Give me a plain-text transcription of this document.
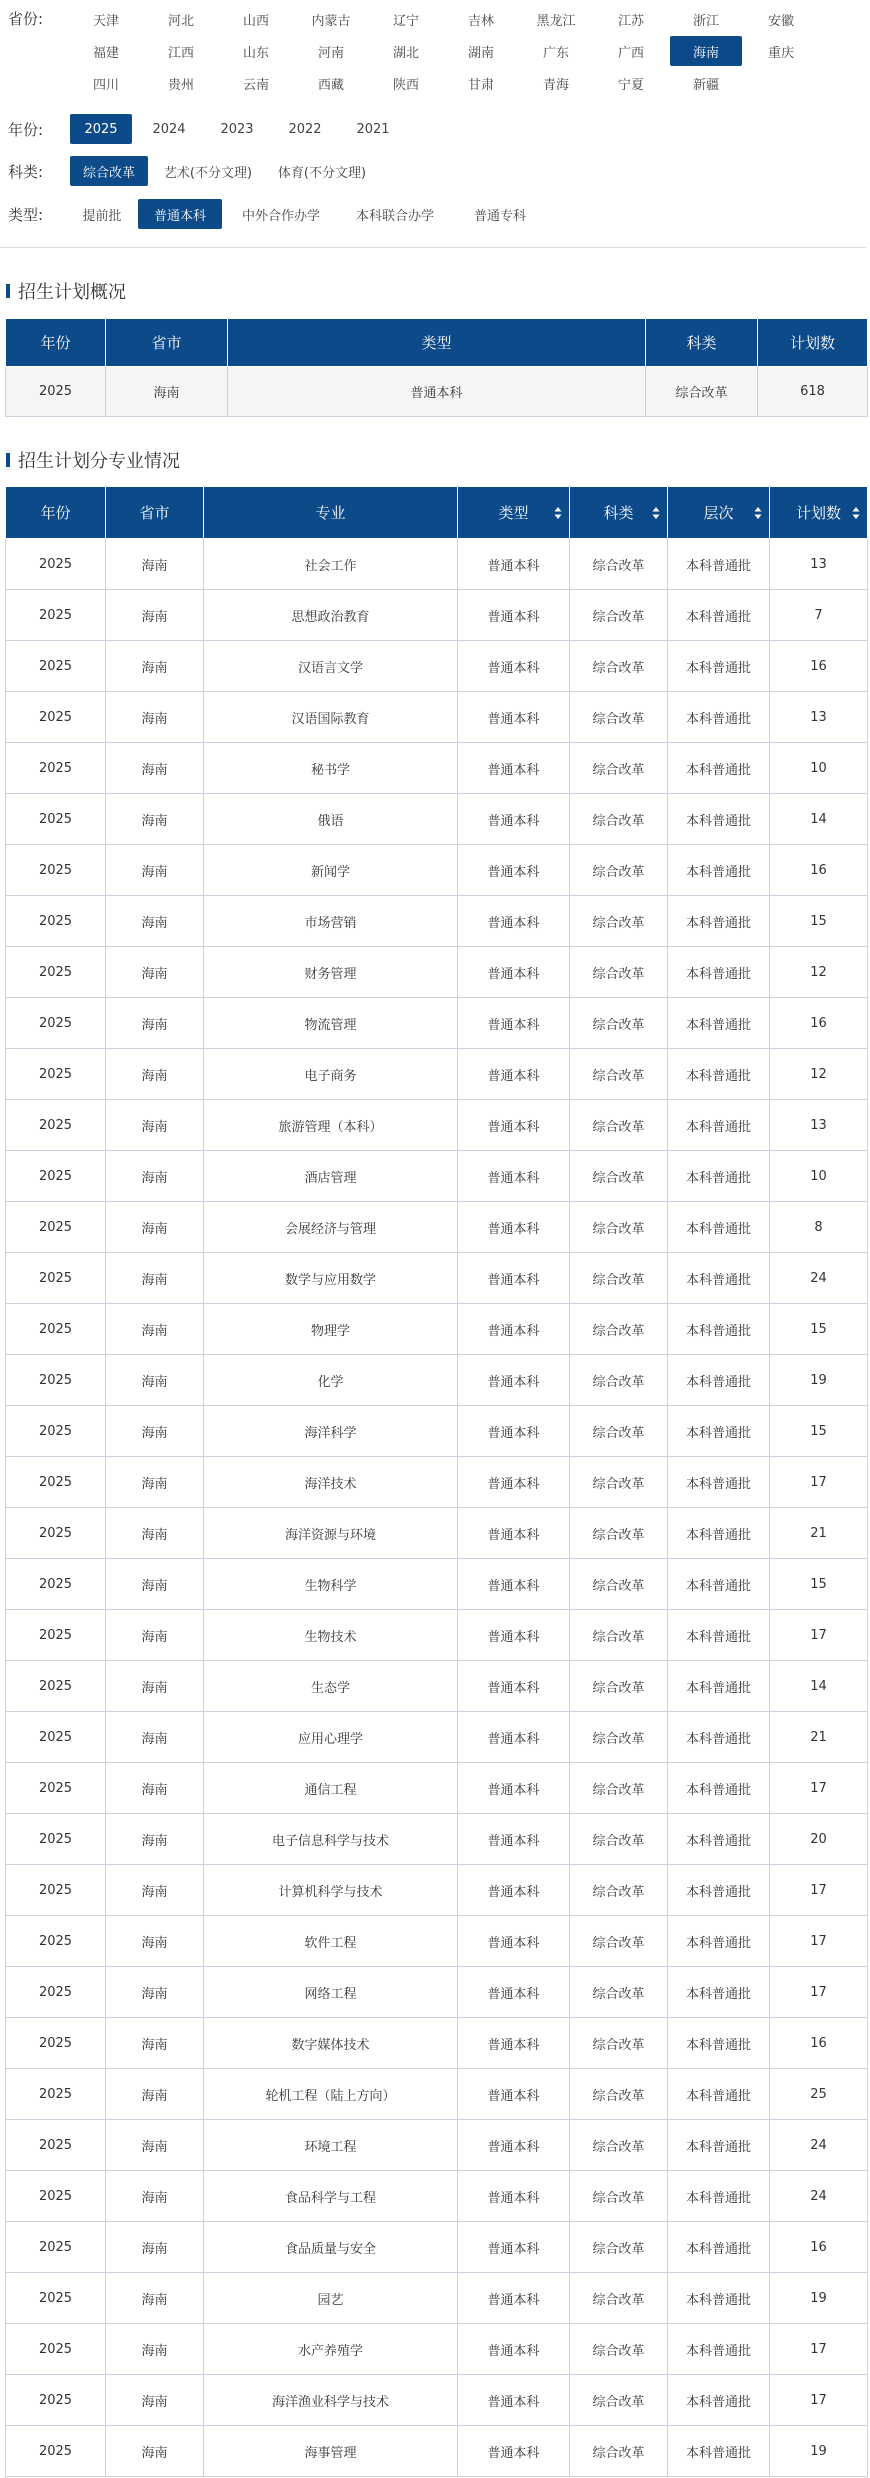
省份:	天津	河北	山西	内蒙古	辽宁	吉林	黑龙江	江苏	浙江	安徽
福建	江西	山东	河南	湖北	湖南	广东	广西	海南	重庆
四川	贵州	云南	西藏	陕西	甘肃	青海	宁夏	新疆
年份:	2025	2024	2023	2022	2021
科类:	综合改革	艺术(不分文理)	体育(不分文理)
类型:	提前批	普通本科	中外合作办学	本科联合办学	普通专科
招生计划概况
年份	省市	类型	科类	计划数
2025	海南	普通本科	综合改革	618
招生计划分专业情况
年份	省市	专业	类型	科类	层次	计划数

2025	海南	社会工作	普通本科	综合改革	本科普通批	13
2025	海南	思想政治教育	普通本科	综合改革	本科普通批	7
2025	海南	汉语言文学	普通本科	综合改革	本科普通批	16
2025	海南	汉语国际教育	普通本科	综合改革	本科普通批	13
2025	海南	秘书学	普通本科	综合改革	本科普通批	10
2025	海南	俄语	普通本科	综合改革	本科普通批	14
2025	海南	新闻学	普通本科	综合改革	本科普通批	16
2025	海南	市场营销	普通本科	综合改革	本科普通批	15
2025	海南	财务管理	普通本科	综合改革	本科普通批	12
2025	海南	物流管理	普通本科	综合改革	本科普通批	16
2025	海南	电子商务	普通本科	综合改革	本科普通批	12
2025	海南	旅游管理（本科）	普通本科	综合改革	本科普通批	13
2025	海南	酒店管理	普通本科	综合改革	本科普通批	10
2025	海南	会展经济与管理	普通本科	综合改革	本科普通批	8
2025	海南	数学与应用数学	普通本科	综合改革	本科普通批	24
2025	海南	物理学	普通本科	综合改革	本科普通批	15
2025	海南	化学	普通本科	综合改革	本科普通批	19
2025	海南	海洋科学	普通本科	综合改革	本科普通批	15
2025	海南	海洋技术	普通本科	综合改革	本科普通批	17
2025	海南	海洋资源与环境	普通本科	综合改革	本科普通批	21
2025	海南	生物科学	普通本科	综合改革	本科普通批	15
2025	海南	生物技术	普通本科	综合改革	本科普通批	17
2025	海南	生态学	普通本科	综合改革	本科普通批	14
2025	海南	应用心理学	普通本科	综合改革	本科普通批	21
2025	海南	通信工程	普通本科	综合改革	本科普通批	17
2025	海南	电子信息科学与技术	普通本科	综合改革	本科普通批	20
2025	海南	计算机科学与技术	普通本科	综合改革	本科普通批	17
2025	海南	软件工程	普通本科	综合改革	本科普通批	17
2025	海南	网络工程	普通本科	综合改革	本科普通批	17
2025	海南	数字媒体技术	普通本科	综合改革	本科普通批	16
2025	海南	轮机工程（陆上方向）	普通本科	综合改革	本科普通批	25
2025	海南	环境工程	普通本科	综合改革	本科普通批	24
2025	海南	食品科学与工程	普通本科	综合改革	本科普通批	24
2025	海南	食品质量与安全	普通本科	综合改革	本科普通批	16
2025	海南	园艺	普通本科	综合改革	本科普通批	19
2025	海南	水产养殖学	普通本科	综合改革	本科普通批	17
2025	海南	海洋渔业科学与技术	普通本科	综合改革	本科普通批	17
2025	海南	海事管理	普通本科	综合改革	本科普通批	19
